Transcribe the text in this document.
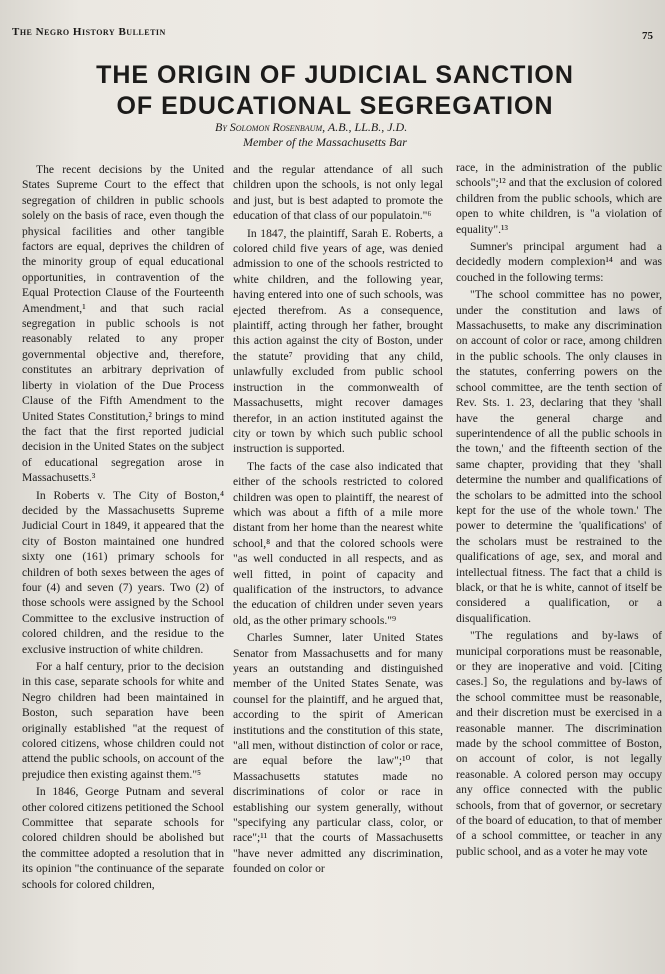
The Negro History Bulletin	75
THE ORIGIN OF JUDICIAL SANCTION
OF EDUCATIONAL SEGREGATION
By Solomon Rosenbaum, A.B., LL.B., J.D.
Member of the Massachusetts Bar

The recent decisions by the United States Supreme Court to the effect that segregation of children in public schools solely on the basis of race, even though the physical facilities and other tangible factors are equal, deprives the children of the minority group of equal educational opportunities, in contravention of the Equal Protection Clause of the Fourteenth Amendment,¹ and that such racial segregation in public schools is not reasonably related to any proper governmental objective and, therefore, constitutes an arbitrary deprivation of liberty in violation of the Due Process Clause of the Fifth Amendment to the United States Constitution,² brings to mind the fact that the first reported judicial decision in the United States on the subject of educational segregation arose in Massachusetts.³

In Roberts v. The City of Boston,⁴ decided by the Massachusetts Supreme Judicial Court in 1849, it appeared that the city of Boston maintained one hundred sixty one (161) primary schools for children of both sexes between the ages of four (4) and seven (7) years. Two (2) of those schools were assigned by the School Committee to the exclusive instruction of colored children, and the residue to the exclusive instruction of white children.

For a half century, prior to the decision in this case, separate schools for white and Negro children had been maintained in Boston, such separation have been originally established "at the request of colored citizens, whose children could not attend the public schools, on account of the prejudice then existing against them."⁵

In 1846, George Putnam and several other colored citizens petitioned the School Committee that separate schools for colored children should be abolished but the committee adopted a resolution that in its opinion "the continuance of the separate schools for colored children,

and the regular attendance of all such children upon the schools, is not only legal and just, but is best adapted to promote the education of that class of our populatoin."⁶

In 1847, the plaintiff, Sarah E. Roberts, a colored child five years of age, was denied admission to one of the schools restricted to white children, and the following year, having entered into one of such schools, was ejected therefrom. As a consequence, plaintiff, acting through her father, brought this action against the city of Boston, under the statute⁷ providing that any child, unlawfully excluded from public school instruction in the commonwealth of Massachusetts, might recover damages therefor, in an action instituted against the city or town by which such public school instruction is supported.

The facts of the case also indicated that either of the schools restricted to colored children was open to plaintiff, the nearest of which was about a fifth of a mile more distant from her home than the nearest white school,⁸ and that the colored schools were "as well conducted in all respects, and as well fitted, in point of capacity and qualification of the instructors, to advance the education of children under seven years old, as the other primary schools."⁹

Charles Sumner, later United States Senator from Massachusetts and for many years an outstanding and distinguished member of the United States Senate, was counsel for the plaintiff, and he argued that, according to the spirit of American institutions and the constitution of this state, "all men, without distinction of color or race, are equal before the law";¹⁰ that Massachusetts statutes made no discriminations of color or race in establishing our system generally, without "specifying any particular class, color, or race";¹¹ that the courts of Massachusetts "have never admitted any discrimination, founded on color or

race, in the administration of the public schools";¹² and that the exclusion of colored children from the public schools, which are open to white children, is "a violation of equality".¹³

Sumner's principal argument had a decidedly modern complexion¹⁴ and was couched in the following terms:

"The school committee has no power, under the constitution and laws of Massachusetts, to make any discrimination on account of color or race, among children in the public schools. The only clauses in the statutes, conferring powers on the school committee, are the tenth section of Rev. Sts. 1. 23, declaring that they 'shall have the general charge and superintendence of all the public schools in the town,' and the fifteenth section of the same chapter, providing that they 'shall determine the number and qualifications of the scholars to be admitted into the school kept for the use of the whole town.' The power to determine the 'qualifications' of the scholars must be restrained to the qualifications of age, sex, and moral and intellectual fitness. The fact that a child is black, or that he is white, cannot of itself be considered a qualification, or a disqualification.

"The regulations and by-laws of municipal corporations must be reasonable, or they are inoperative and void. [Citing cases.] So, the regulations and by-laws of the school committee must be reasonable, and their discretion must be exercised in a reasonable manner. The discrimination made by the school committee of Boston, on account of color, is not legally reasonable. A colored person may occupy any office connected with the public schools, from that of governor, or secretary of the board of education, to that of member of a school committee, or teacher in any public school, and as a voter he may vote
